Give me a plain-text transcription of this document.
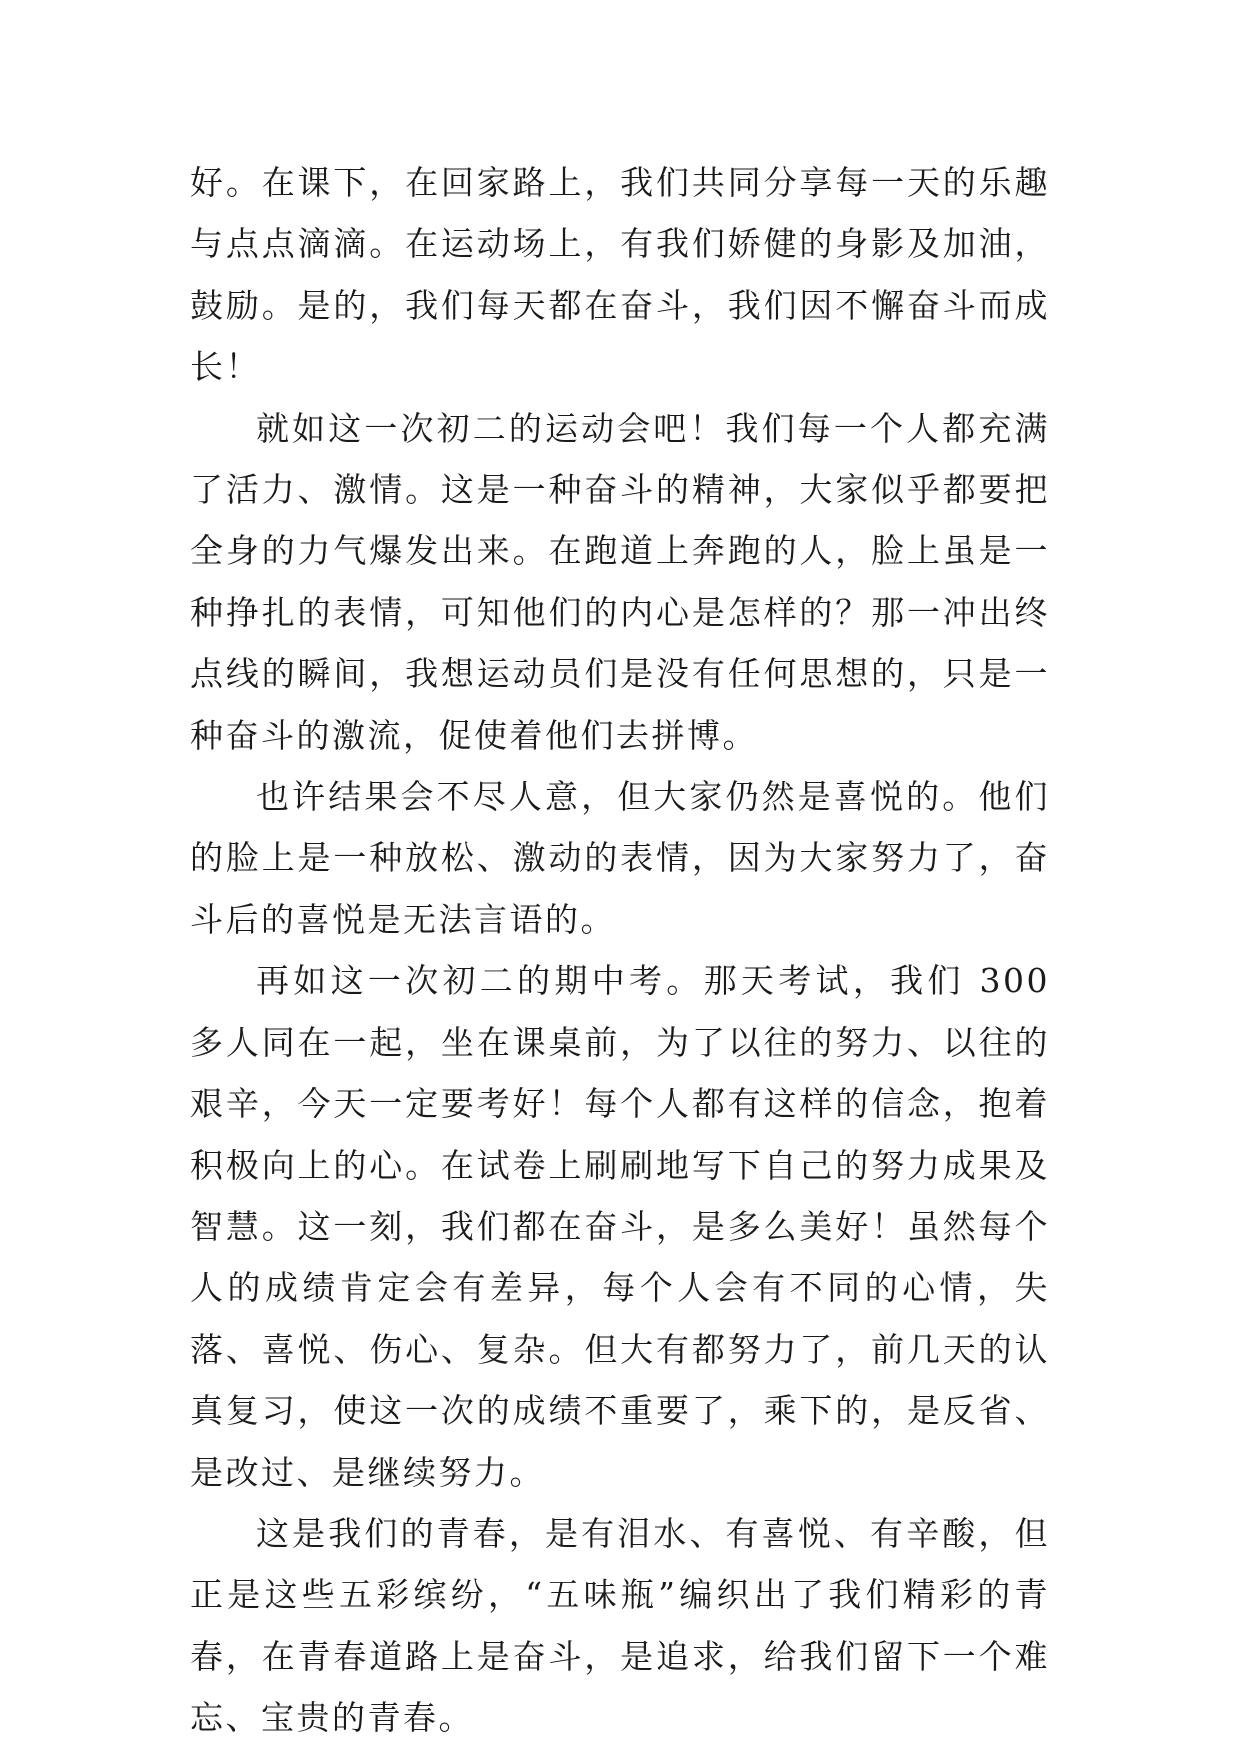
好。在课下，在回家路上，我们共同分享每一天的乐趣与点点滴滴。在运动场上，有我们娇健的身影及加油，鼓励。是的，我们每天都在奋斗，我们因不懈奋斗而成长！

就如这一次初二的运动会吧！我们每一个人都充满了活力、激情。这是一种奋斗的精神，大家似乎都要把全身的力气爆发出来。在跑道上奔跑的人，脸上虽是一种挣扎的表情，可知他们的内心是怎样的？那一冲出终点线的瞬间，我想运动员们是没有任何思想的，只是一种奋斗的激流，促使着他们去拼博。

也许结果会不尽人意，但大家仍然是喜悦的。他们的脸上是一种放松、激动的表情，因为大家努力了，奋斗后的喜悦是无法言语的。

再如这一次初二的期中考。那天考试，我们 300 多人同在一起，坐在课桌前，为了以往的努力、以往的艰辛，今天一定要考好！每个人都有这样的信念，抱着积极向上的心。在试卷上刷刷地写下自己的努力成果及智慧。这一刻，我们都在奋斗，是多么美好！虽然每个人的成绩肯定会有差异，每个人会有不同的心情，失落、喜悦、伤心、复杂。但大有都努力了，前几天的认真复习，使这一次的成绩不重要了，乘下的，是反省、是改过、是继续努力。

这是我们的青春，是有泪水、有喜悦、有辛酸，但正是这些五彩缤纷，“五味瓶”编织出了我们精彩的青春，在青春道路上是奋斗，是追求，给我们留下一个难忘、宝贵的青春。
